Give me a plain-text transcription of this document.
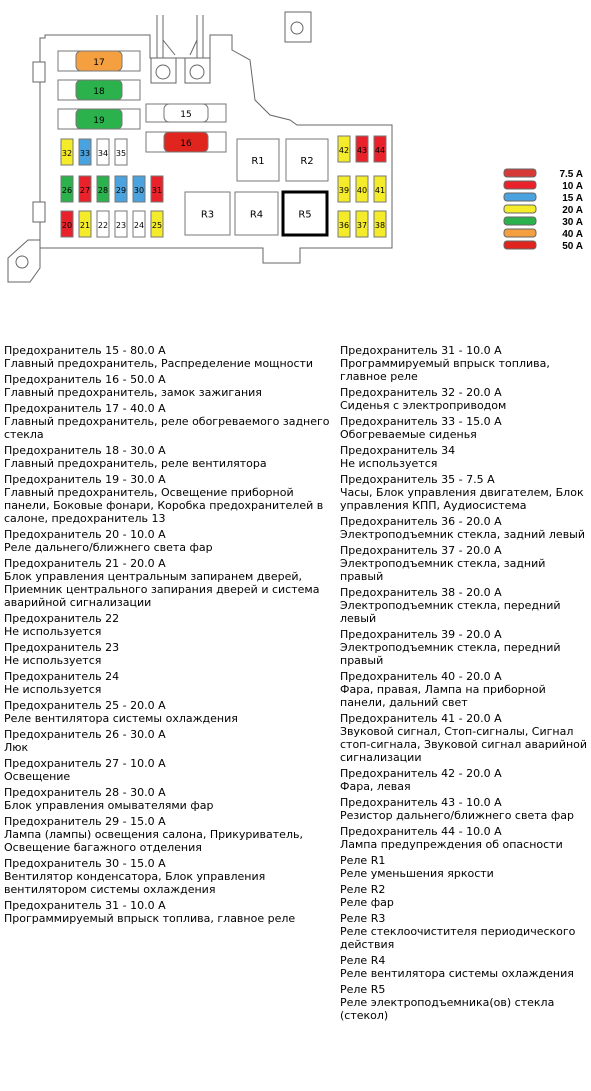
17
18
19
15
16
32 33 34 35
26 27 28 29 30 31
20 21 22 23 24 25
42 43 44
39 40 41
36 37 38
R1	R2
R3	R4	R5
7.5 A
10 A
15 A
20 A
30 A
40 A
50 A
Предохранитель 15 - 80.0 A
Главный предохранитель, Распределение мощности
Предохранитель 16 - 50.0 A
Главный предохранитель, замок зажигания
Предохранитель 17 - 40.0 A
Главный предохранитель, реле обогреваемого заднего стекла
Предохранитель 18 - 30.0 A
Главный предохранитель, реле вентилятора
Предохранитель 19 - 30.0 A
Главный предохранитель, Освещение приборной панели, Боковые фонари, Коробка предохранителей в салоне, предохранитель 13
Предохранитель 20 - 10.0 A
Реле дальнего/ближнего света фар
Предохранитель 21 - 20.0 A
Блок управления центральным запиранем дверей, Приемник центрального запирания дверей и система аварийной сигнализации
Предохранитель 22
Не используется
Предохранитель 23
Не используется
Предохранитель 24
Не используется
Предохранитель 25 - 20.0 A
Реле вентилятора системы охлаждения
Предохранитель 26 - 30.0 A
Люк
Предохранитель 27 - 10.0 A
Освещение
Предохранитель 28 - 30.0 A
Блок управления омывателями фар
Предохранитель 29 - 15.0 A
Лампа (лампы) освещения салона, Прикуриватель, Освещение багажного отделения
Предохранитель 30 - 15.0 A
Вентилятор конденсатора, Блок управления вентилятором системы охлаждения
Предохранитель 31 - 10.0 A
Программируемый впрыск топлива, главное реле
Предохранитель 31 - 10.0 A
Программируемый впрыск топлива, главное реле
Предохранитель 32 - 20.0 A
Сиденья с электроприводом
Предохранитель 33 - 15.0 A
Обогреваемые сиденья
Предохранитель 34
Не используется
Предохранитель 35 - 7.5 A
Часы, Блок управления двигателем, Блок управления КПП, Аудиосистема
Предохранитель 36 - 20.0 A
Электроподъемник стекла, задний левый
Предохранитель 37 - 20.0 A
Электроподъемник стекла, задний правый
Предохранитель 38 - 20.0 A
Электроподъемник стекла, передний левый
Предохранитель 39 - 20.0 A
Электроподъемник стекла, передний правый
Предохранитель 40 - 20.0 A
Фара, правая, Лампа на приборной панели, дальний свет
Предохранитель 41 - 20.0 A
Звуковой сигнал, Стоп-сигналы, Сигнал стоп-сигнала, Звуковой сигнал аварийной сигнализации
Предохранитель 42 - 20.0 A
Фара, левая
Предохранитель 43 - 10.0 A
Резистор дальнего/ближнего света фар
Предохранитель 44 - 10.0 A
Лампа предупреждения об опасности
Реле R1
Реле уменьшения яркости
Реле R2
Реле фар
Реле R3
Реле стеклоочистителя периодического действия
Реле R4
Реле вентилятора системы охлаждения
Реле R5
Реле электроподъемника(ов) стекла (стекол)
